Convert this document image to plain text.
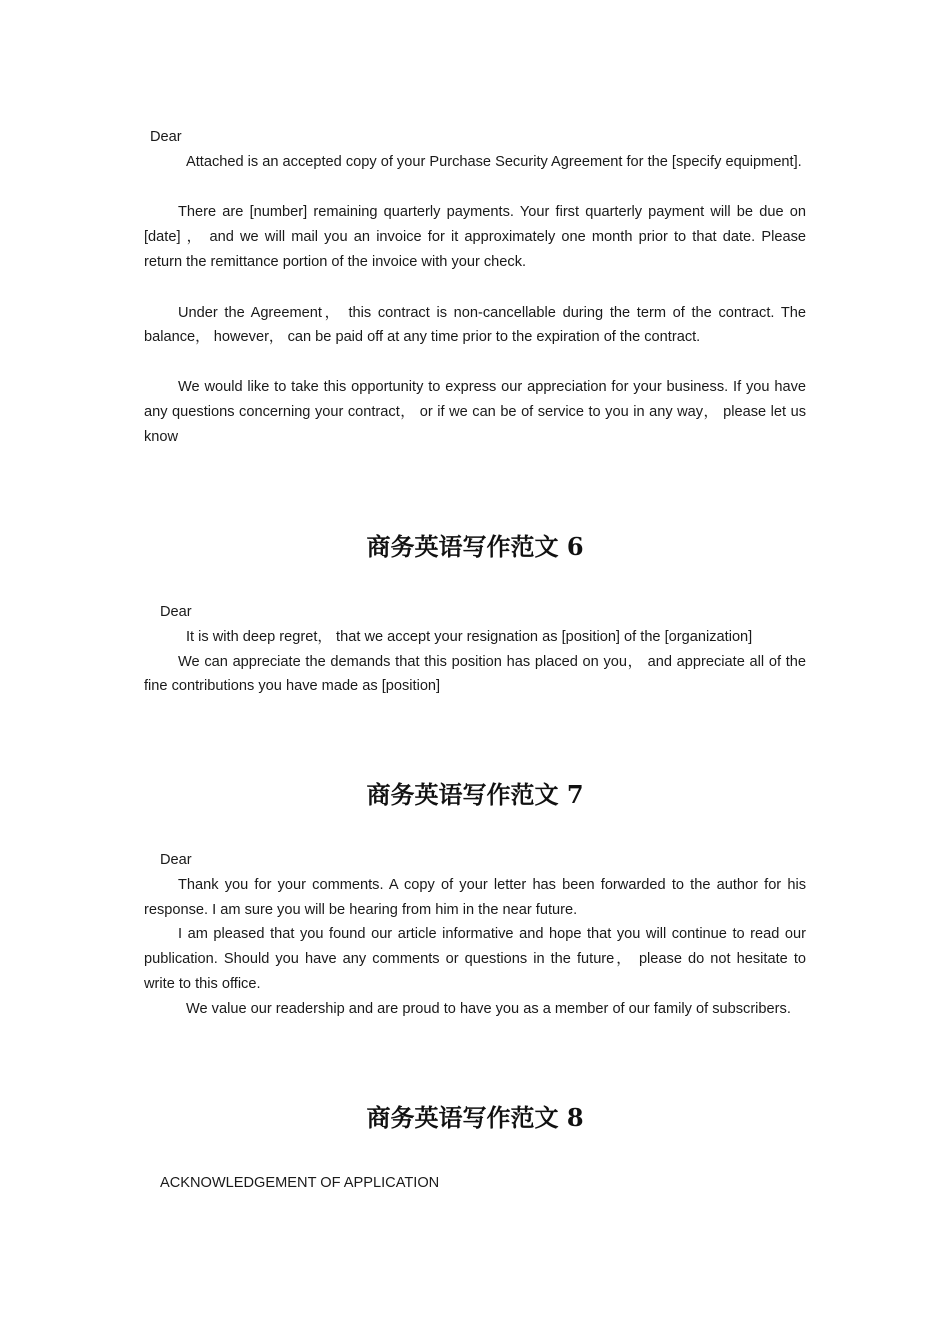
Dear

Attached is an accepted copy of your Purchase Security Agreement for the [specify equipment].

There are [number] remaining quarterly payments. Your first quarterly payment will be due on [date] ， and we will mail you an invoice for it approximately one month prior to that date. Please return the remittance portion of the invoice with your check.

Under the Agreement， this contract is non-cancellable during the term of the contract. The balance， however， can be paid off at any time prior to the expiration of the contract.

We would like to take this opportunity to express our appreciation for your business. If you have any questions concerning your contract， or if we can be of service to you in any way， please let us know

商务英语写作范文 6

Dear

It is with deep regret， that we accept your resignation as [position] of the [organization]

We can appreciate the demands that this position has placed on you， and appreciate all of the fine contributions you have made as [position]

商务英语写作范文 7

Dear

Thank you for your comments. A copy of your letter has been forwarded to the author for his response. I am sure you will be hearing from him in the near future.

I am pleased that you found our article informative and hope that you will continue to read our publication. Should you have any comments or questions in the future， please do not hesitate to write to this office.

We value our readership and are proud to have you as a member of our family of subscribers.

商务英语写作范文 8

ACKNOWLEDGEMENT OF APPLICATION
